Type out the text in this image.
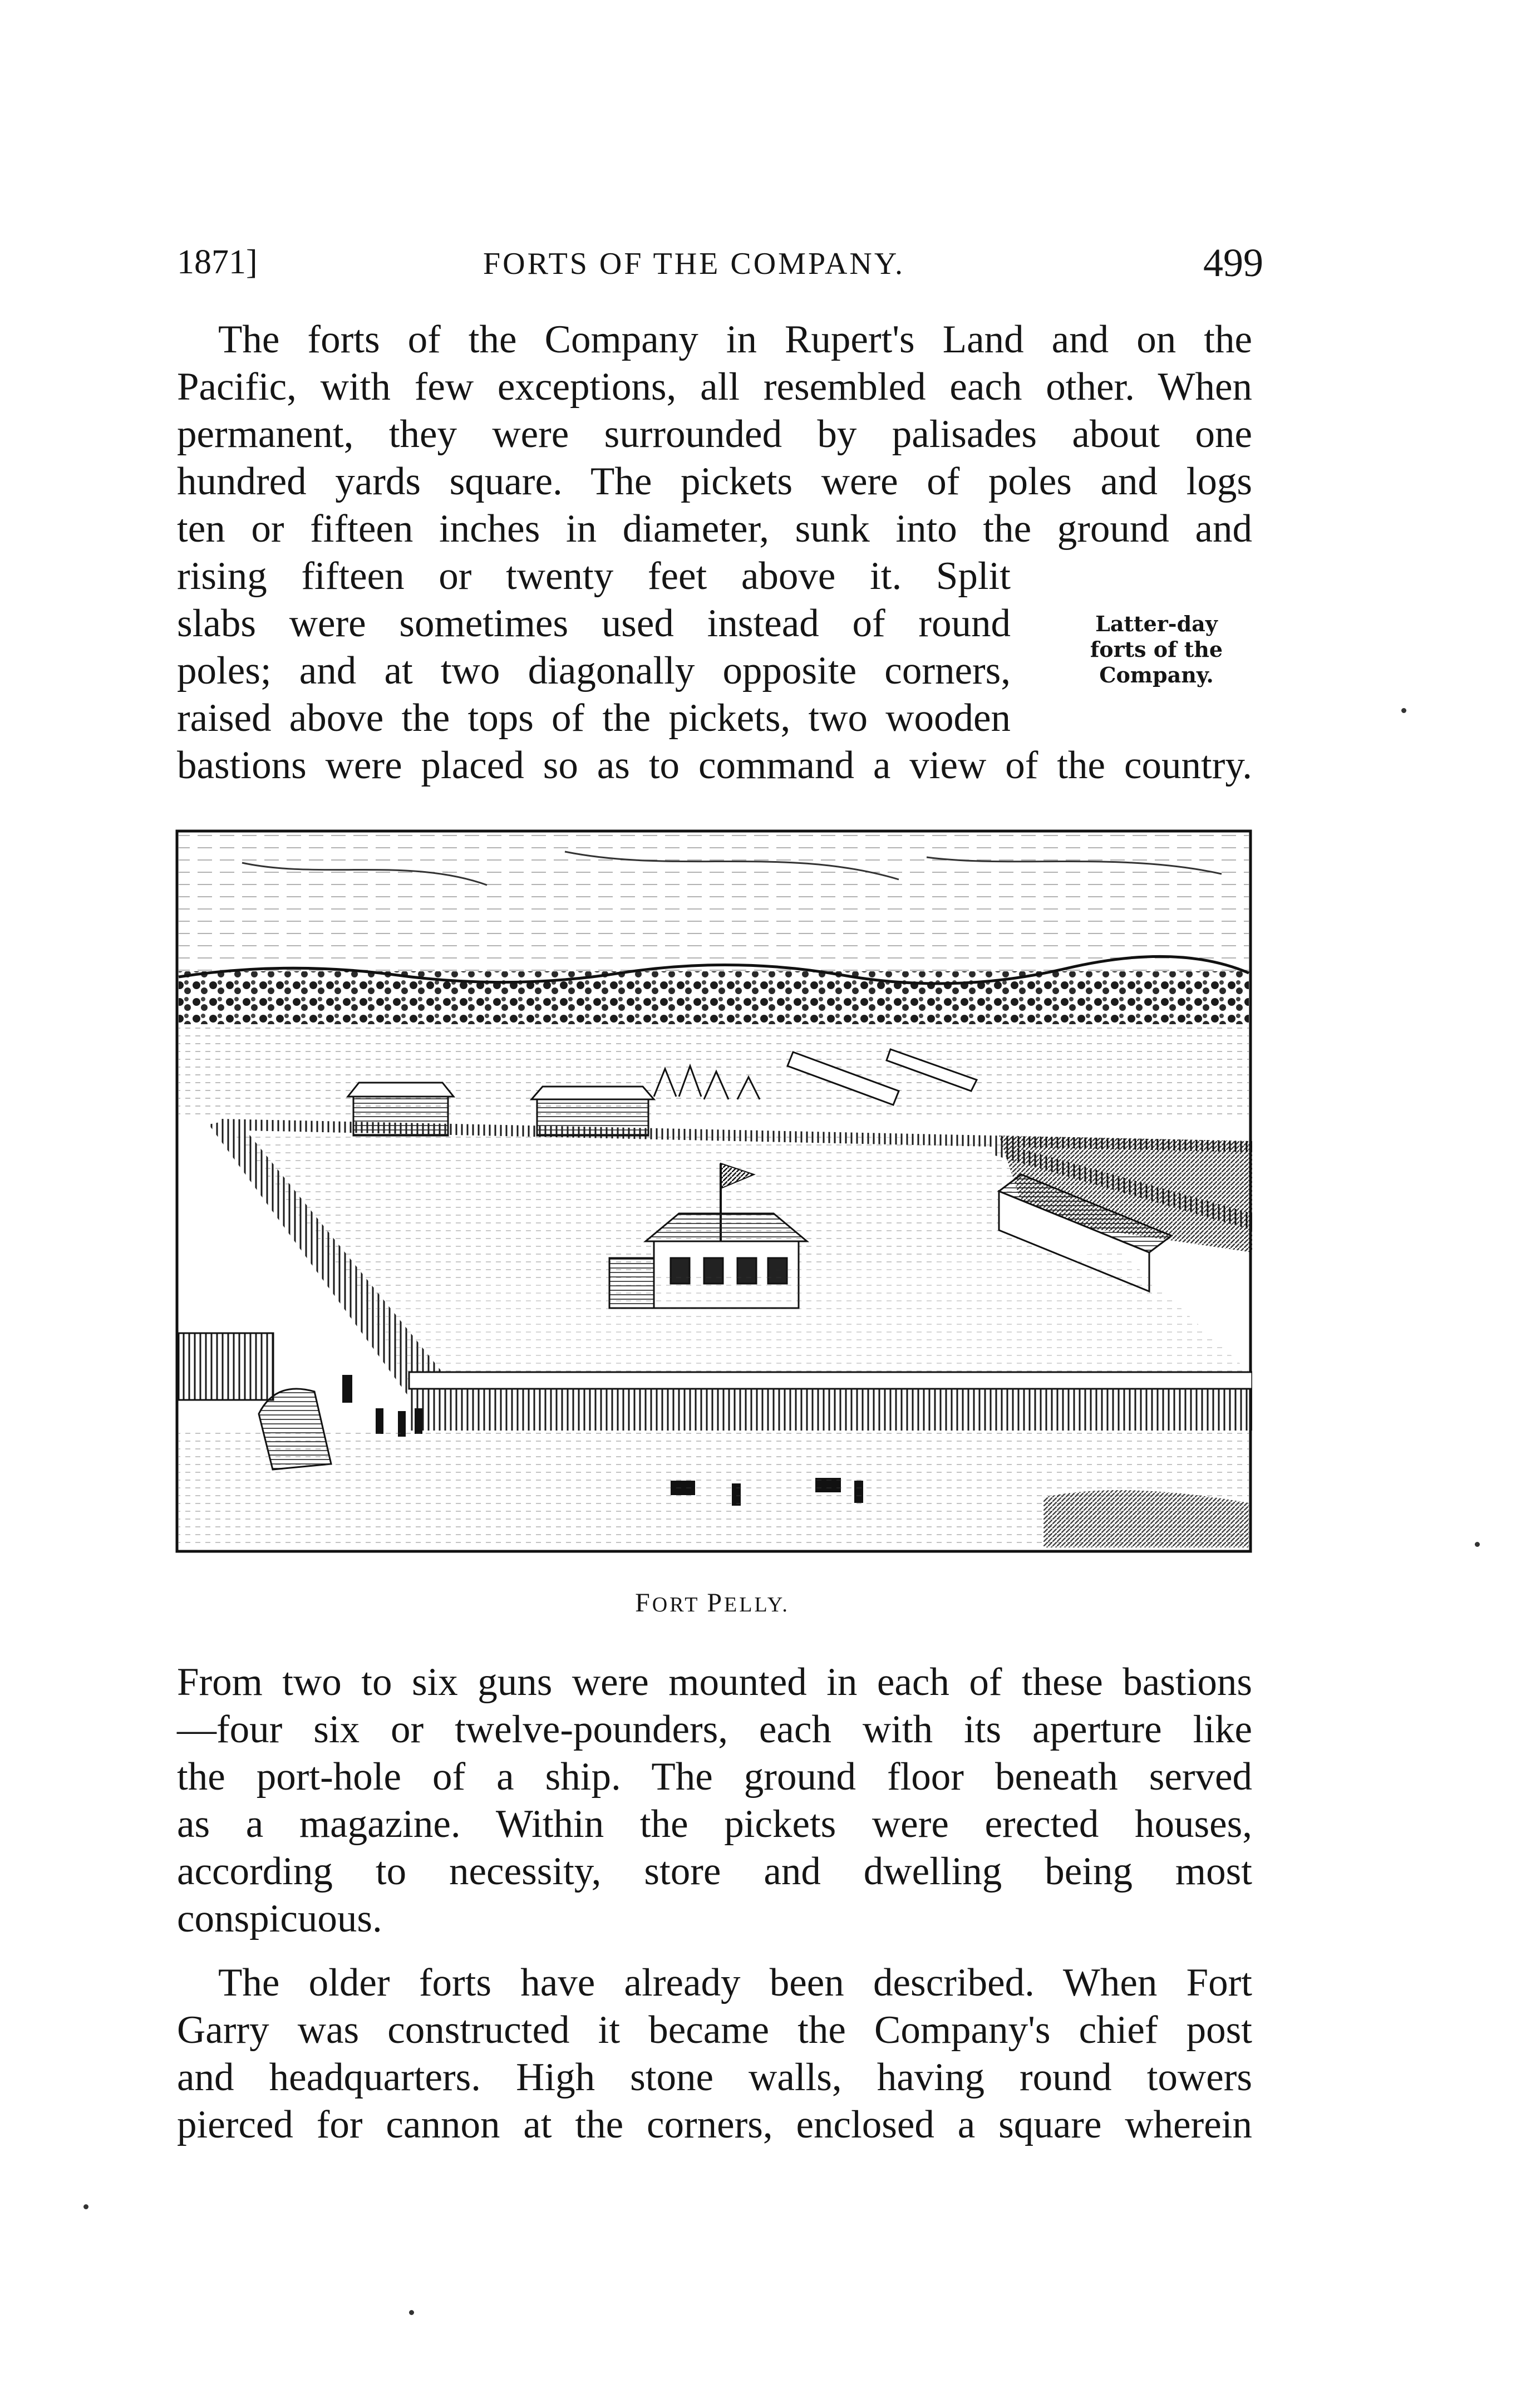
1871]	FORTS OF THE COMPANY.	499
The forts of the Company in Rupert's Land and on the
Pacific, with few exceptions, all resembled each other. When
permanent, they were surrounded by palisades about one
hundred yards square. The pickets were of poles and logs
ten or fifteen inches in diameter, sunk into the ground and
rising fifteen or twenty feet above it. Split
slabs were sometimes used instead of round
poles; and at two diagonally opposite corners,
raised above the tops of the pickets, two wooden
bastions were placed so as to command a view of the country.
Latter-day
forts of the
Company.
FORT PELLY.
From two to six guns were mounted in each of these bastions
—four six or twelve-pounders, each with its aperture like
the port-hole of a ship. The ground floor beneath served
as a magazine. Within the pickets were erected houses,
according to necessity, store and dwelling being most
conspicuous.
The older forts have already been described. When Fort
Garry was constructed it became the Company's chief post
and headquarters. High stone walls, having round towers
pierced for cannon at the corners, enclosed a square wherein
